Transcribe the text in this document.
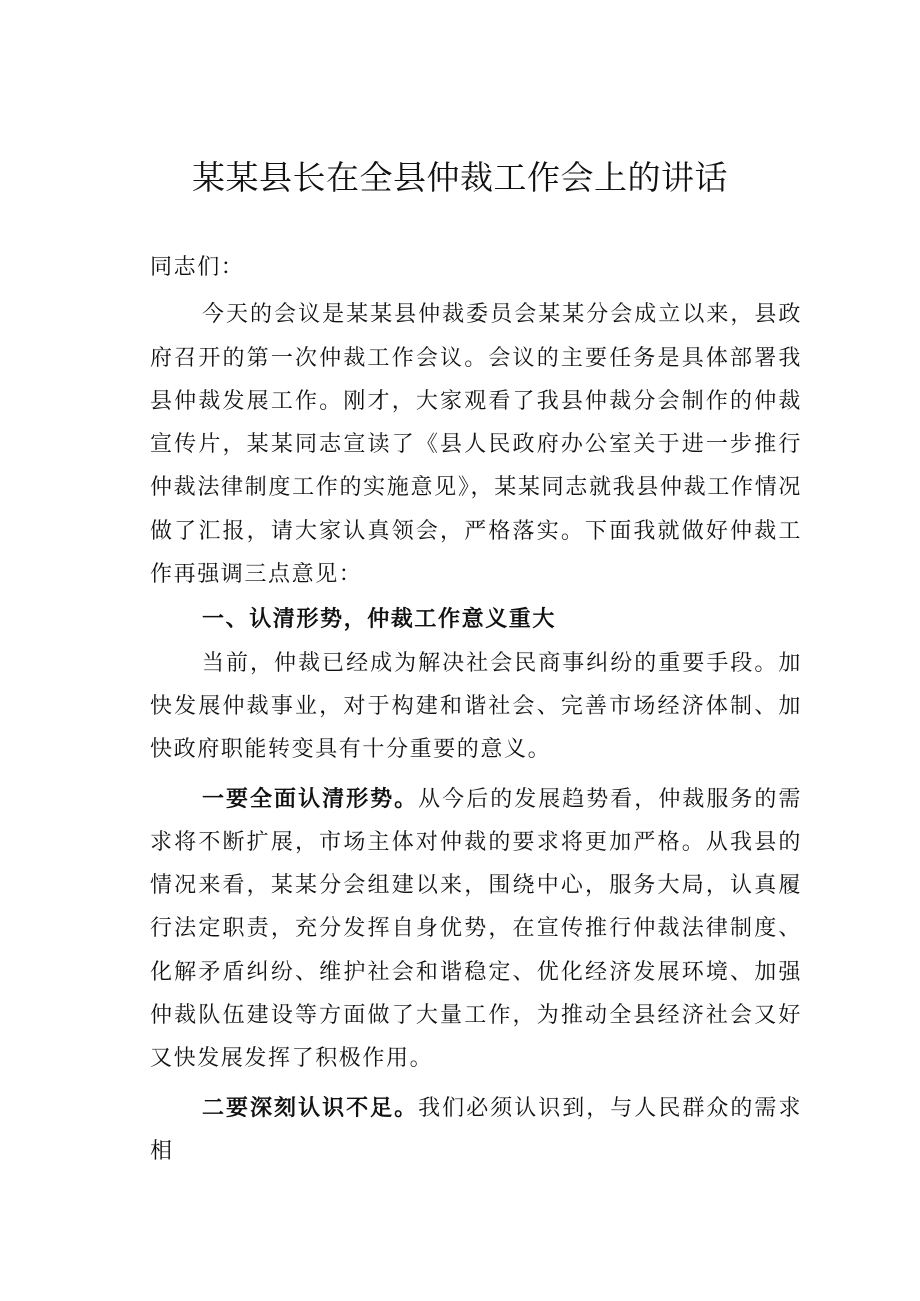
某某县长在全县仲裁工作会上的讲话

同志们：

今天的会议是某某县仲裁委员会某某分会成立以来，县政府召开的第一次仲裁工作会议。会议的主要任务是具体部署我县仲裁发展工作。刚才，大家观看了我县仲裁分会制作的仲裁宣传片，某某同志宣读了《县人民政府办公室关于进一步推行仲裁法律制度工作的实施意见》，某某同志就我县仲裁工作情况做了汇报，请大家认真领会，严格落实。下面我就做好仲裁工作再强调三点意见：

一、认清形势，仲裁工作意义重大

当前，仲裁已经成为解决社会民商事纠纷的重要手段。加快发展仲裁事业，对于构建和谐社会、完善市场经济体制、加快政府职能转变具有十分重要的意义。

一要全面认清形势。从今后的发展趋势看，仲裁服务的需求将不断扩展，市场主体对仲裁的要求将更加严格。从我县的情况来看，某某分会组建以来，围绕中心，服务大局，认真履行法定职责，充分发挥自身优势，在宣传推行仲裁法律制度、化解矛盾纠纷、维护社会和谐稳定、优化经济发展环境、加强仲裁队伍建设等方面做了大量工作，为推动全县经济社会又好又快发展发挥了积极作用。

二要深刻认识不足。我们必须认识到，与人民群众的需求相
